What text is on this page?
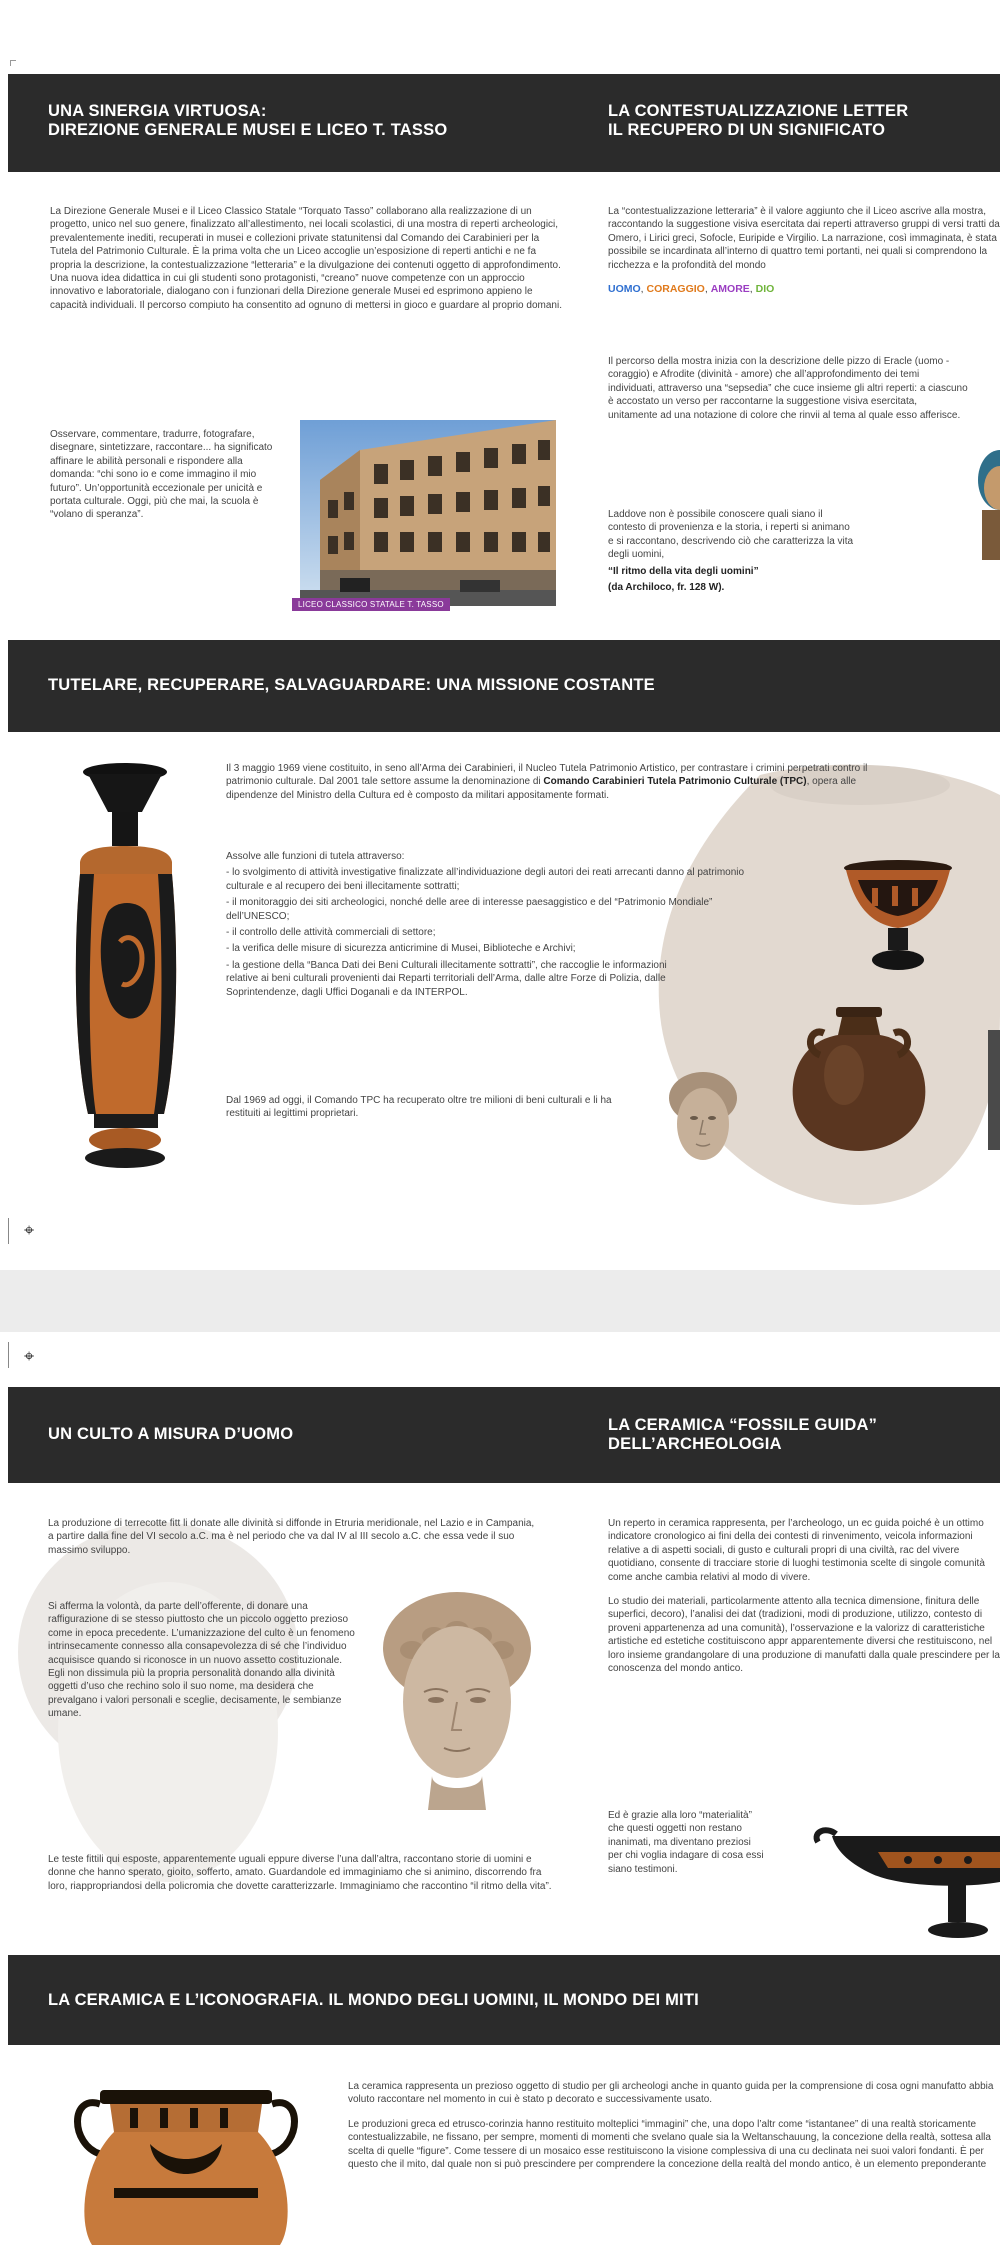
UNA SINERGIA VIRTUOSA:
DIREZIONE GENERALE MUSEI E LICEO T. TASSO
LA CONTESTUALIZZAZIONE LETTER
IL RECUPERO DI UN SIGNIFICATO

La Direzione Generale Musei e il Liceo Classico Statale “Torquato Tasso” collaborano alla realizzazione di un progetto, unico nel suo genere, finalizzato all’allestimento, nei locali scolastici, di una mostra di reperti archeologici, prevalentemente inediti, recuperati in musei e collezioni private statunitensi dal Comando dei Carabinieri per la Tutela del Patrimonio Culturale. È la prima volta che un Liceo accoglie un’esposizione di reperti antichi e ne fa propria la descrizione, la contestualizzazione “letteraria” e la divulgazione dei contenuti oggetto di approfondimento. Una nuova idea didattica in cui gli studenti sono protagonisti, “creano” nuove competenze con un approccio innovativo e laboratoriale, dialogano con i funzionari della Direzione generale Musei ed esprimono appieno le capacità individuali. Il percorso compiuto ha consentito ad ognuno di mettersi in gioco e guardare al proprio domani.

Osservare, commentare, tradurre, fotografare, disegnare, sintetizzare, raccontare... ha significato affinare le abilità personali e rispondere alla domanda: “chi sono io e come immagino il mio futuro”. Un’opportunità eccezionale per unicità e portata culturale. Oggi, più che mai, la scuola è “volano di speranza”.

LICEO CLASSICO STATALE T. TASSO

La “contestualizzazione letteraria” è il valore aggiunto che il Liceo ascrive alla mostra, raccontando la suggestione visiva esercitata dai reperti attraverso gruppi di versi tratti da Omero, i Lirici greci, Sofocle, Euripide e Virgilio. La narrazione, così immaginata, è stata possibile se incardinata all’interno di quattro temi portanti, nei quali si comprendono la ricchezza e la profondità del mondo

UOMO, CORAGGIO, AMORE, DIO

Il percorso della mostra inizia con la descrizione delle pizzo di Eracle (uomo - coraggio) e Afrodite (divinità - amore) che all’approfondimento dei temi individuati, attraverso una “sepsedia” che cuce insieme gli altri reperti: a ciascuno è accostato un verso per raccontarne la suggestione visiva esercitata, unitamente ad una notazione di colore che rinvii al tema al quale esso afferisce.

Laddove non è possibile conoscere quali siano il contesto di provenienza e la storia, i reperti si animano e si raccontano, descrivendo ciò che caratterizza la vita degli uomini,

“Il ritmo della vita degli uomini”

(da Archiloco, fr. 128 W).

TUTELARE, RECUPERARE, SALVAGUARDARE: UNA MISSIONE COSTANTE

Il 3 maggio 1969 viene costituito, in seno all’Arma dei Carabinieri, il Nucleo Tutela Patrimonio Artistico, per contrastare i crimini perpetrati contro il patrimonio culturale. Dal 2001 tale settore assume la denominazione di Comando Carabinieri Tutela Patrimonio Culturale (TPC), opera alle dipendenze del Ministro della Cultura ed è composto da militari appositamente formati.

Assolve alle funzioni di tutela attraverso:

- lo svolgimento di attività investigative finalizzate all’individuazione degli autori dei reati arrecanti danno al patrimonio culturale e al recupero dei beni illecitamente sottratti;

- il monitoraggio dei siti archeologici, nonché delle aree di interesse paesaggistico e del “Patrimonio Mondiale” dell’UNESCO;

- il controllo delle attività commerciali di settore;

- la verifica delle misure di sicurezza anticrimine di Musei, Biblioteche e Archivi;

- la gestione della “Banca Dati dei Beni Culturali illecitamente sottratti”, che raccoglie le informazioni relative ai beni culturali provenienti dai Reparti territoriali dell’Arma, dalle altre Forze di Polizia, dalle Soprintendenze, dagli Uffici Doganali e da INTERPOL.

Dal 1969 ad oggi, il Comando TPC ha recuperato oltre tre milioni di beni culturali e li ha restituiti ai legittimi proprietari.

⌖
⌖
UN CULTO A MISURA D’UOMO	LA CERAMICA “FOSSILE GUIDA”
DELL’ARCHEOLOGIA

La produzione di terrecotte fitt li donate alle divinità si diffonde in Etruria meridionale, nel Lazio e in Campania, a partire dalla fine del VI secolo a.C. ma è nel periodo che va dal IV al III secolo a.C. che essa vede il suo massimo sviluppo.

Si afferma la volontà, da parte dell’offerente, di donare una raffigurazione di se stesso piuttosto che un piccolo oggetto prezioso come in epoca precedente. L’umanizzazione del culto è un fenomeno intrinsecamente connesso alla consapevolezza di sé che l’individuo acquisisce quando si riconosce in un nuovo assetto costituzionale. Egli non dissimula più la propria personalità donando alla divinità oggetti d’uso che rechino solo il suo nome, ma desidera che prevalgano i valori personali e sceglie, decisamente, le sembianze umane.

Le teste fittili qui esposte, apparentemente uguali eppure diverse l’una dall’altra, raccontano storie di uomini e donne che hanno sperato, gioito, sofferto, amato. Guardandole ed immaginiamo che si animino, discorrendo fra loro, riappropriandosi della policromia che dovette caratterizzarle. Immaginiamo che raccontino “il ritmo della vita”.

Un reperto in ceramica rappresenta, per l’archeologo, un ec guida poiché è un ottimo indicatore cronologico ai fini della dei contesti di rinvenimento, veicola informazioni relative a di aspetti sociali, di gusto e culturali propri di una civiltà, rac del vivere quotidiano, consente di tracciare storie di luoghi testimonia scelte di singole comunità come anche cambia relativi al modo di vivere.

Lo studio dei materiali, particolarmente attento alla tecnica dimensione, finitura delle superfici, decoro), l’analisi dei dat (tradizioni, modi di produzione, utilizzo, contesto di proveni appartenenza ad una comunità), l’osservazione e la valorizz di caratteristiche artistiche ed estetiche costituiscono appr apparentemente diversi che restituiscono, nel loro insieme grandangolare di una produzione di manufatti dalla quale prescindere per la conoscenza del mondo antico.

Ed è grazie alla loro “materialità” che questi oggetti non restano inanimati, ma diventano preziosi per chi voglia indagare di cosa essi siano testimoni.

LA CERAMICA E L’ICONOGRAFIA. IL MONDO DEGLI UOMINI, IL MONDO DEI MITI

La ceramica rappresenta un prezioso oggetto di studio per gli archeologi anche in quanto guida per la comprensione di cosa ogni manufatto abbia voluto raccontare nel momento in cui è stato p decorato e successivamente usato.

Le produzioni greca ed etrusco-corinzia hanno restituito molteplici “immagini” che, una dopo l’altr come “istantanee” di una realtà storicamente contestualizzabile, ne fissano, per sempre, momenti di momenti che svelano quale sia la Weltanschauung, la concezione della realtà, sottesa alla scelta di quelle “figure”. Come tessere di un mosaico esse restituiscono la visione complessiva di una cu declinata nei suoi valori fondanti. È per questo che il mito, dal quale non si può prescindere per comprendere la concezione della realtà del mondo antico, è un elemento preponderante
